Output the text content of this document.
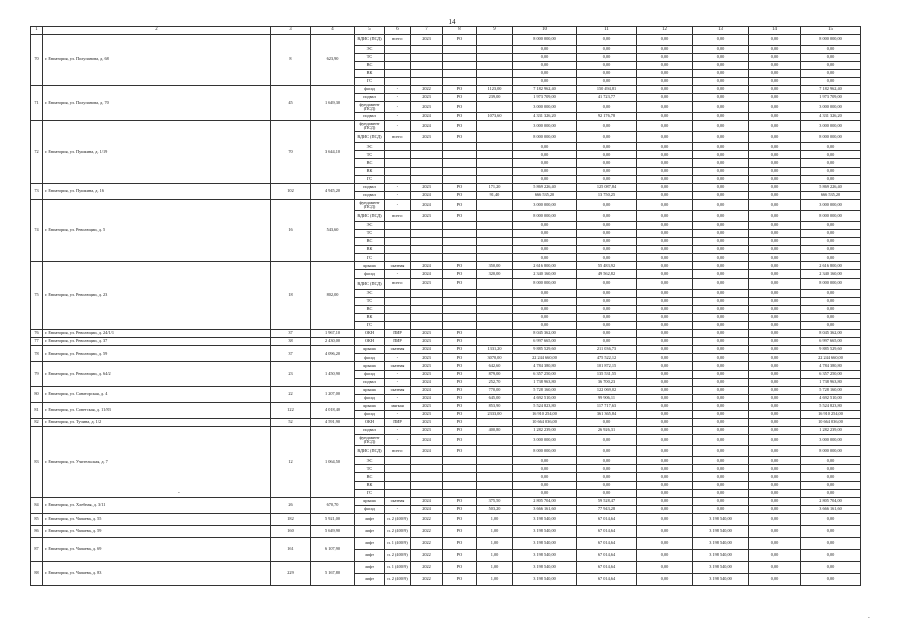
14
1	2	3	4	5	6	7	8	9	10	11	12	13	14	15
70	г. Евпатория, ул. Полупанова, д. 68	8	623,90	ВДИС (ПСД)	всего:	2023	РО		8 000 000,00	0,00	0,00	0,00	0,00	8 000 000,00
				ЭС					0,00	0,00	0,00	0,00	0,00	0,00
				ТС					0,00	0,00	0,00	0,00	0,00	0,00
				ВС					0,00	0,00	0,00	0,00	0,00	0,00
				ВК					0,00	0,00	0,00	0,00	0,00	0,00
				ГС					0,00	0,00	0,00	0,00	0,00	0,00
71	г. Евпатория, ул. Полупанова, д. 70	45	1 649,30	фасад	-	2022	РО	1123,00	7 182 962,40	150 494,81	0,00	0,00	0,00	7 182 962,40
				подвал	-	2023	РО	239,00	1 973 709,00	41 723,77	0,00	0,00	0,00	1 973 709,00
				фундамент (ПСД)	-	2023	РО		3 000 000,00	0,00	0,00	0,00	0,00	3 000 000,00
				подвал	-	2024	РО	1073,60	4 331 326,20	92 176,78	0,00	0,00	0,00	4 331 326,20
72	г. Евпатория, ул. Пушкина, д. 1/19	70	3 644,10	фундамент (ПСД)	-	2024	РО		3 000 000,00	0,00	0,00	0,00	0,00	3 000 000,00
				ВДИС (ПСД)	всего:	2023	РО		8 000 000,00	0,00	0,00	0,00	0,00	8 000 000,00
				ЭС					0,00	0,00	0,00	0,00	0,00	0,00
				ТС					0,00	0,00	0,00	0,00	0,00	0,00
				ВС					0,00	0,00	0,00	0,00	0,00	0,00
				ВК					0,00	0,00	0,00	0,00	0,00	0,00
				ГС					0,00	0,00	0,00	0,00	0,00	0,00
73	г. Евпатория, ул. Пушкина, д. 16	102	4 945,20	подвал	-	2023	РО	171,20	5 869 226,40	125 087,84	0,00	0,00	0,00	5 869 226,40
				подвал	-	2024	РО	91,40	666 535,20	13 750,25	0,00	0,00	0,00	666 535,20
74	г. Евпатория, ул. Революции, д. 5	16	543,60	фундамент (ПСД)	-	2024	РО		3 000 000,00	0,00	0,00	0,00	0,00	3 000 000,00
				ВДИС (ПСД)	всего:	2023	РО		8 000 000,00	0,00	0,00	0,00	0,00	8 000 000,00
				ЭС					0,00	0,00	0,00	0,00	0,00	0,00
				ТС					0,00	0,00	0,00	0,00	0,00	0,00
				ВС					0,00	0,00	0,00	0,00	0,00	0,00
				ВК					0,00	0,00	0,00	0,00	0,00	0,00
				ГС					0,00	0,00	0,00	0,00	0,00	0,00
75	г. Евпатория, ул. Революции, д. 23	18	802,00	крыша	скатная	2024	РО	350,00	2 616 800,00	55 483,92	0,00	0,00	0,00	2 616 800,00
				фасад	-	2024	РО	320,00	2 340 160,00	49 562,82	0,00	0,00	0,00	2 340 160,00
				ВДИС (ПСД)	всего:	2023	РО		8 000 000,00	0,00	0,00	0,00	0,00	8 000 000,00
				ЭС					0,00	0,00	0,00	0,00	0,00	0,00
				ТС					0,00	0,00	0,00	0,00	0,00	0,00
				ВС					0,00	0,00	0,00	0,00	0,00	0,00
				ВК					0,00	0,00	0,00	0,00	0,00	0,00
				ГС					0,00	0,00	0,00	0,00	0,00	0,00
76	г. Евпатория, ул. Революции, д. 24/1/1	37	1 967,10	ОКН	ПИР	2023	РО		8 045 362,00	0,00	0,00	0,00	0,00	8 045 362,00
77	г. Евпатория, ул. Революции, д. 37	38	2 430,00	ОКН	ПИР	2023	РО		6 997 665,00	0,00	0,00	0,00	0,00	6 997 665,00
78	г. Евпатория, ул. Революции, д. 59	37	4 096,20	крыша	скатная	2024	РО	1331,20	9 885 529,60	211 036,73	0,00	0,00	0,00	9 885 529,60
				фасад	-	2023	РО	3070,00	22 244 660,00	475 522,12	0,00	0,00	0,00	22 244 660,00
79	г. Евпатория, ул. Революции, д. 64/2	23	1 450,90	крыша	скатная	2023	РО	642,60	4 784 380,80	101 872,15	0,00	0,00	0,00	4 784 380,80
				фасад	-	2023	РО	879,00	6 357 250,00	135 531,55	0,00	0,00	0,00	6 357 250,00
				подвал	-	2024	РО	252,70	1 738 963,80	36 700,23	0,00	0,00	0,00	1 738 963,80
80	г. Евпатория, ул. Санаторская, д. 4	22	1 207,00	крыша	скатная	2024	РО	770,00	5 728 160,00	122 069,02	0,00	0,00	0,00	5 728 160,00
				фасад	-	2024	РО	645,00	4 692 510,00	99 906,11	0,00	0,00	0,00	4 692 510,00
81	г. Евпатория, ул. Советская, д. 11/83	122	4 018,40	крыша	мягкая	2023	РО	853,90	5 524 823,80	117 717,63	0,00	0,00	0,00	5 524 823,80
				фасад	-	2023	РО	2333,00	16 910 254,00	361 365,84	0,00	0,00	0,00	16 910 254,00
82	г. Евпатория, ул. Тучина, д. 1/2	52	4 591,90	ОКН	ПИР	2023	РО		10 664 036,00	0,00	0,00	0,00	0,00	10 664 036,00
83	г. Евпатория, ул. Учительская, д. 7	12	1 064,50	подвал	-	2023	РО	400,80	1 282 239,00	26 926,31	0,00	0,00	0,00	1 282 239,00
				фундамент (ПСД)	-	2024	РО		3 000 000,00	0,00	0,00	0,00	0,00	3 000 000,00
				ВДИС (ПСД)	всего:	2024	РО		8 000 000,00	0,00	0,00	0,00	0,00	8 000 000,00
				ЭС					0,00	0,00	0,00	0,00	0,00	0,00
				ТС					0,00	0,00	0,00	0,00	0,00	0,00
				ВС					0,00	0,00	0,00	0,00	0,00	0,00
				ВК					0,00	0,00	0,00	0,00	0,00	0,00
				ГС					0,00	0,00	0,00	0,00	0,00	0,00
84	г. Евпатория, ул. Хлебная, д. 3/11	26	670,70	крыша	скатная	2024	РО	375,50	2 805 704,00	59 528,47	0,00	0,00	0,00	2 805 704,00
				фасад	-	2024	РО	503,20	3 666 161,60	77 943,28	0,00	0,00	0,00	3 666 161,60
85	г. Евпатория, ул. Чапаева, д. 55	182	5 921,00	лифт	п. 2 (400/9)	2022	РО	1,00	3 198 540,00	67 014,64	0,00	3 198 540,00	0,00	0,00
86	г. Евпатория, ул. Чапаева, д. 59	160	5 649,90	лифт	п. 2 (400/9)	2022	РО	1,00	3 198 540,00	67 014,64	0,00	3 198 540,00	0,00	0,00
87	г. Евпатория, ул. Чапаева, д. 69	161	6 107,90	лифт	п. 1 (400/9)	2022	РО	1,00	3 198 540,00	67 014,64	0,00	3 198 540,00	0,00	0,00
				лифт	п. 2 (400/9)	2022	РО	1,00	3 198 540,00	67 014,64	0,00	3 198 540,00	0,00	0,00
88	г. Евпатория, ул. Чапаева, д. 83	229	5 167,80	лифт	п. 1 (400/9)	2022	РО	1,00	3 198 540,00	67 014,64	0,00	3 198 540,00	0,00	0,00
				лифт	п. 2 (400/9)	2022	РО	1,00	3 198 540,00	67 014,64	0,00	3 198 540,00	0,00	0,00
ˇ
-
